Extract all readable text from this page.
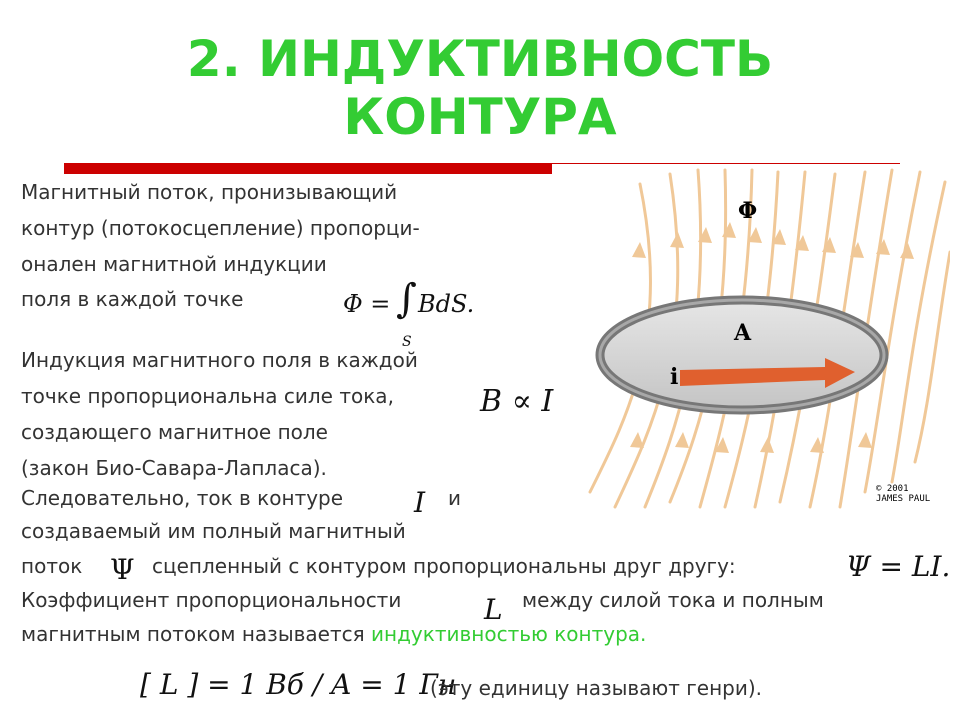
2. ИНДУКТИВНОСТЬ
КОНТУРА
Φ
A
i
© 2001
JAMES PAUL
Магнитный поток, пронизывающий
контур (потокосцепление) пропорци-
онален магнитной индукции
поля в каждой точке	Φ = ∫
S
BdS.
Индукция магнитного поля в каждой
точке пропорциональна силе тока,
создающего магнитное поле
(закон Био-Савара-Лапласа).
B ∝ I
Следовательно, ток в контуре	I и
создаваемый им полный магнитный
поток Ψ сцепленный с контуром пропорциональны друг другу:	Ψ = LI.
Коэффициент пропорциональности	L между силой тока и полным
магнитным потоком называется индуктивностью контура.
[ L ] = 1 Вб / A = 1 Гн
(эту единицу называют генри).
